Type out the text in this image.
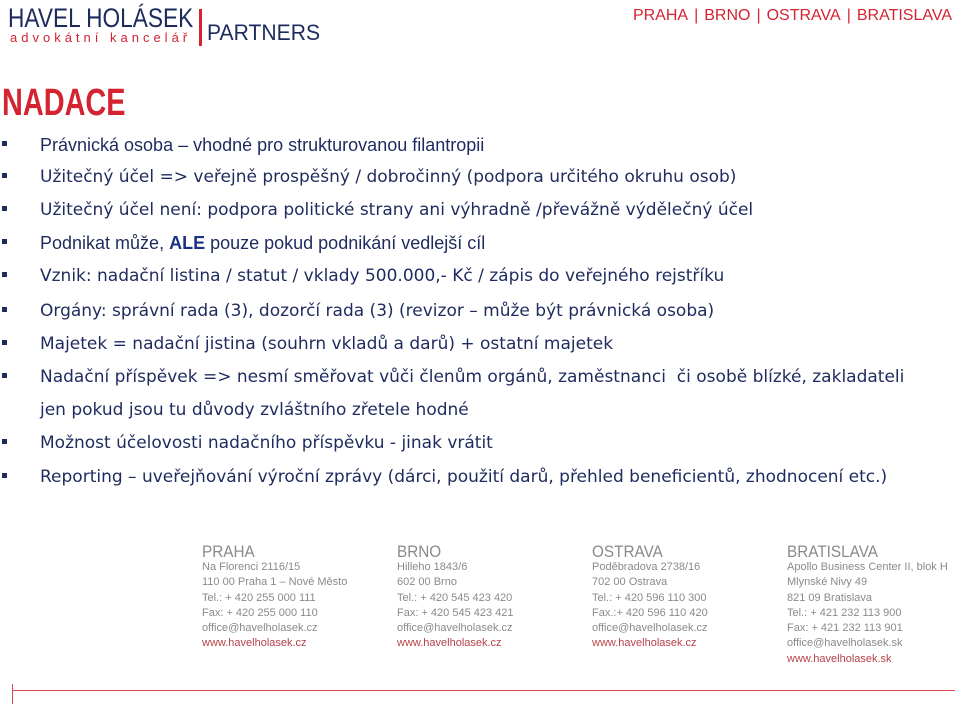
HAVEL HOLÁSEK
advokátní kancelář PARTNERS
PRAHA | BRNO | OSTRAVA | BRATISLAVA
NADACE
Právnická osoba – vhodné pro strukturovanou filantropii
Užitečný účel => veřejně prospěšný / dobročinný (podpora určitého okruhu osob)
Užitečný účel není: podpora politické strany ani výhradně /převážně výdělečný účel
Podnikat může, ALE pouze pokud podnikání vedlejší cíl
Vznik: nadační listina / statut / vklady 500.000,- Kč / zápis do veřejného rejstříku
Orgány: správní rada (3), dozorčí rada (3) (revizor – může být právnická osoba)
Majetek = nadační jistina (souhrn vkladů a darů) + ostatní majetek
Nadační příspěvek => nesmí směřovat vůči členům orgánů, zaměstnanci  či osobě blízké, zakladateli
jen pokud jsou tu důvody zvláštního zřetele hodné
Možnost účelovosti nadačního příspěvku - jinak vrátit
Reporting – uveřejňování výroční zprávy (dárci, použití darů, přehled beneficientů, zhodnocení etc.)
PRAHA
Na Florenci 2116/15
110 00 Praha 1 – Nové Město
Tel.: + 420 255 000 111
Fax: + 420 255 000 110
office@havelholasek.cz
www.havelholasek.cz
BRNO
Hilleho 1843/6
602 00 Brno
Tel.: + 420 545 423 420
Fax: + 420 545 423 421
office@havelholasek.cz
www.havelholasek.cz
OSTRAVA
Poděbradova 2738/16
702 00 Ostrava
Tel.: + 420 596 110 300
Fax.:+ 420 596 110 420
office@havelholasek.cz
www.havelholasek.cz
BRATISLAVA
Apollo Business Center II, blok H
Mlynské Nivy 49
821 09 Bratislava
Tel.: + 421 232 113 900
Fax: + 421 232 113 901
office@havelholasek.sk
www.havelholasek.sk
